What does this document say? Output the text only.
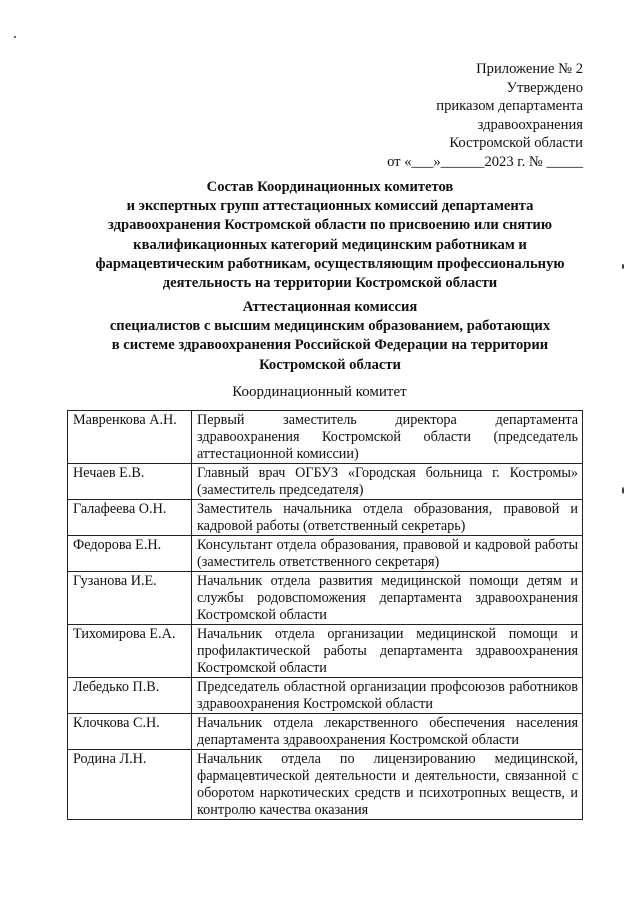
Приложение № 2
Утверждено
приказом департамента
здравоохранения
Костромской области
от «___»______2023 г. № _____
Состав Координационных комитетов
и экспертных групп аттестационных комиссий департамента
здравоохранения Костромской области по присвоению или снятию
квалификационных категорий медицинским работникам и
фармацевтическим работникам, осуществляющим профессиональную
деятельность на территории Костромской области
Аттестационная комиссия
специалистов с высшим медицинским образованием, работающих
в системе здравоохранения Российской Федерации на территории
Костромской области
Координационный комитет
Мавренкова А.Н.	Первый заместитель директора департамента здравоохранения Костромской области (председатель аттестационной комиссии)
Нечаев Е.В.	Главный врач ОГБУЗ «Городская больница г. Костромы» (заместитель председателя)
Галафеева О.Н.	Заместитель начальника отдела образования, правовой и кадровой работы (ответственный секретарь)
Федорова Е.Н.	Консультант отдела образования, правовой и кадровой работы (заместитель ответственного секретаря)
Гузанова И.Е.	Начальник отдела развития медицинской помощи детям и службы родовспоможения департамента здравоохранения Костромской области
Тихомирова Е.А.	Начальник отдела организации медицинской помощи и профилактической работы департамента здравоохранения Костромской области
Лебедько П.В.	Председатель областной организации профсоюзов работников здравоохранения Костромской области
Клочкова С.Н.	Начальник отдела лекарственного обеспечения населения департамента здравоохранения Костромской области
Родина Л.Н.	Начальник отдела по лицензированию медицинской, фармацевтической деятельности и деятельности, связанной с оборотом наркотических средств и психотропных веществ, и контролю качества оказания
